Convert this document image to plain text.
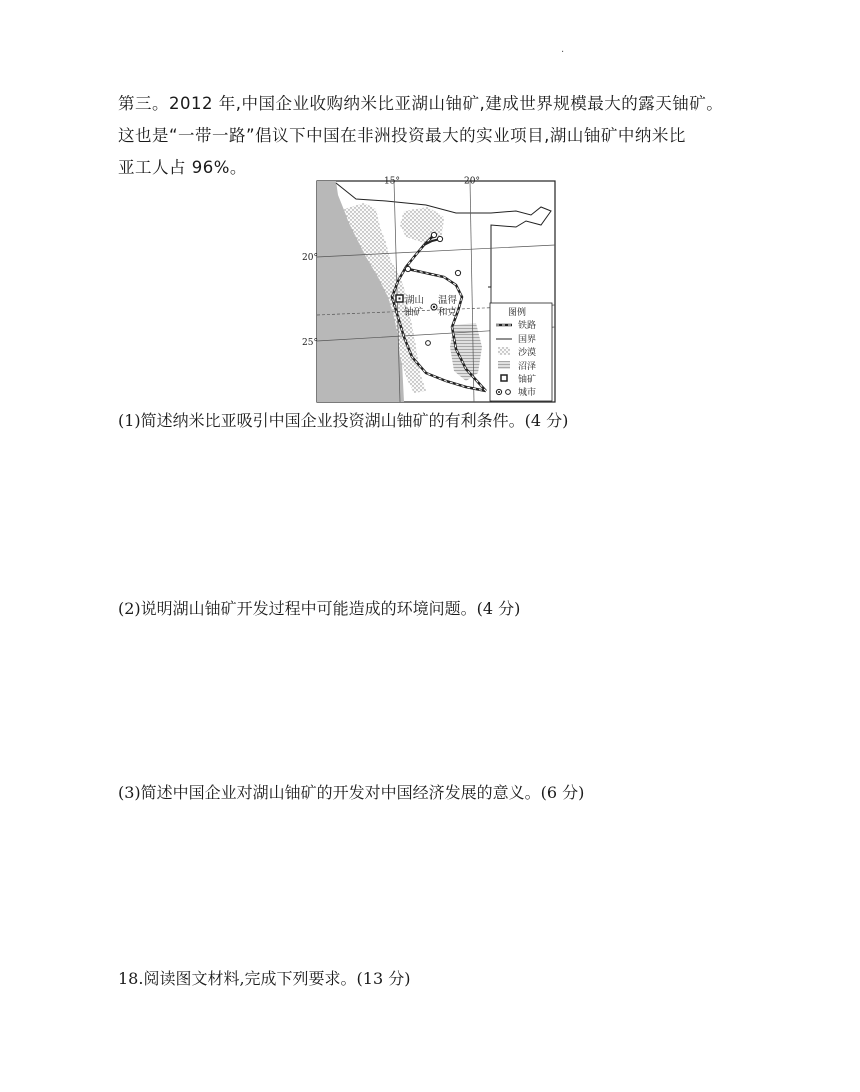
.
第三。2012 年,中国企业收购纳米比亚湖山铀矿,建成世界规模最大的露天铀矿。
这也是“一带一路”倡议下中国在非洲投资最大的实业项目,湖山铀矿中纳米比
亚工人占 96%。
湖山
铀矿
温得
和克
15°	20°
20°
25°
图例
铁路
国界
沙漠
沼泽
铀矿
城市
(1)简述纳米比亚吸引中国企业投资湖山铀矿的有利条件。(4 分)
(2)说明湖山铀矿开发过程中可能造成的环境问题。(4 分)
(3)简述中国企业对湖山铀矿的开发对中国经济发展的意义。(6 分)
18.阅读图文材料,完成下列要求。(13 分)
